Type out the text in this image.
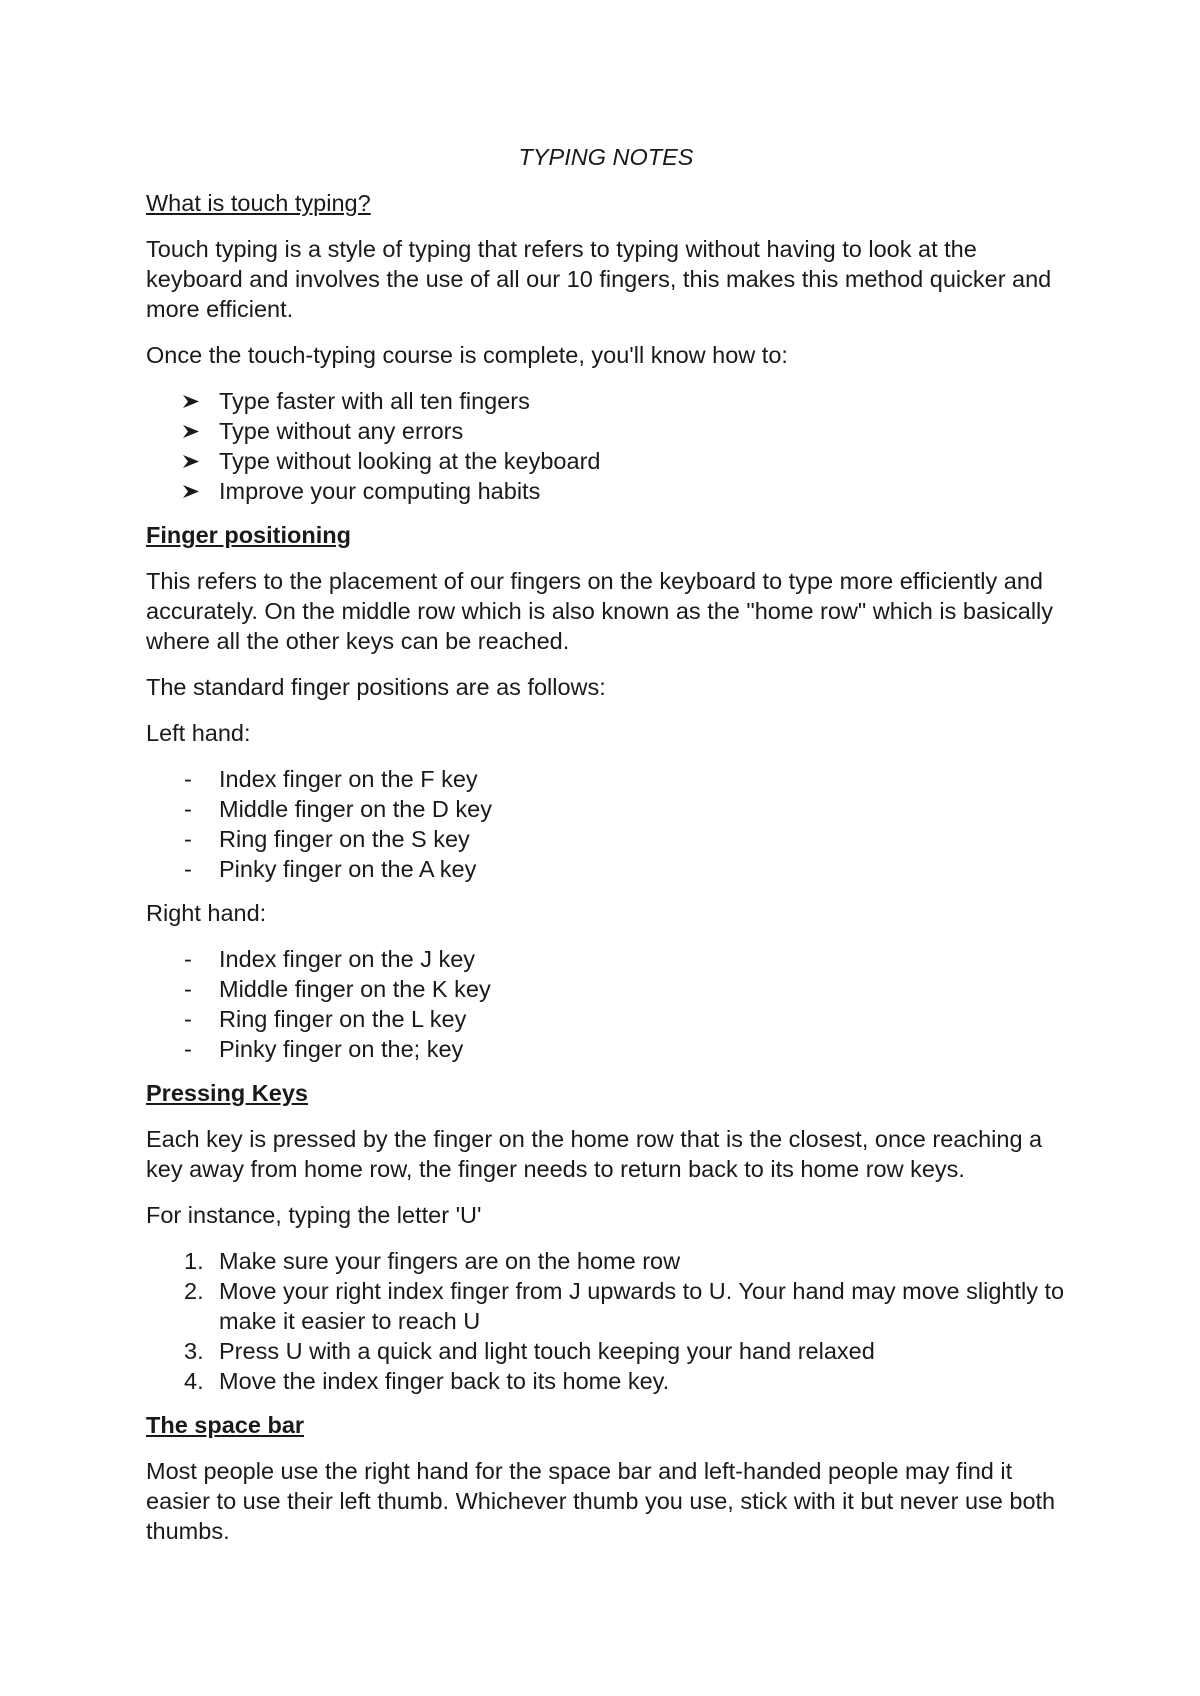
TYPING NOTES
What is touch typing?

Touch typing is a style of typing that refers to typing without having to look at the keyboard and involves the use of all our 10 fingers, this makes this method quicker and more efficient.

Once the touch-typing course is complete, you'll know how to:

Type faster with all ten fingers
Type without any errors
Type without looking at the keyboard
Improve your computing habits
Finger positioning

This refers to the placement of our fingers on the keyboard to type more efficiently and accurately. On the middle row which is also known as the "home row" which is basically where all the other keys can be reached.

The standard finger positions are as follows:

Left hand:

-	Index finger on the F key
-	Middle finger on the D key
-	Ring finger on the S key
-	Pinky finger on the A key

Right hand:

-	Index finger on the J key
-	Middle finger on the K key
-	Ring finger on the L key
-	Pinky finger on the; key
Pressing Keys

Each key is pressed by the finger on the home row that is the closest, once reaching a key away from home row, the finger needs to return back to its home row keys.

For instance, typing the letter 'U'

1. Make sure your fingers are on the home row
2. Move your right index finger from J upwards to U. Your hand may move slightly to make it easier to reach U
3. Press U with a quick and light touch keeping your hand relaxed
4. Move the index finger back to its home key.
The space bar

Most people use the right hand for the space bar and left-handed people may find it easier to use their left thumb. Whichever thumb you use, stick with it but never use both thumbs.
